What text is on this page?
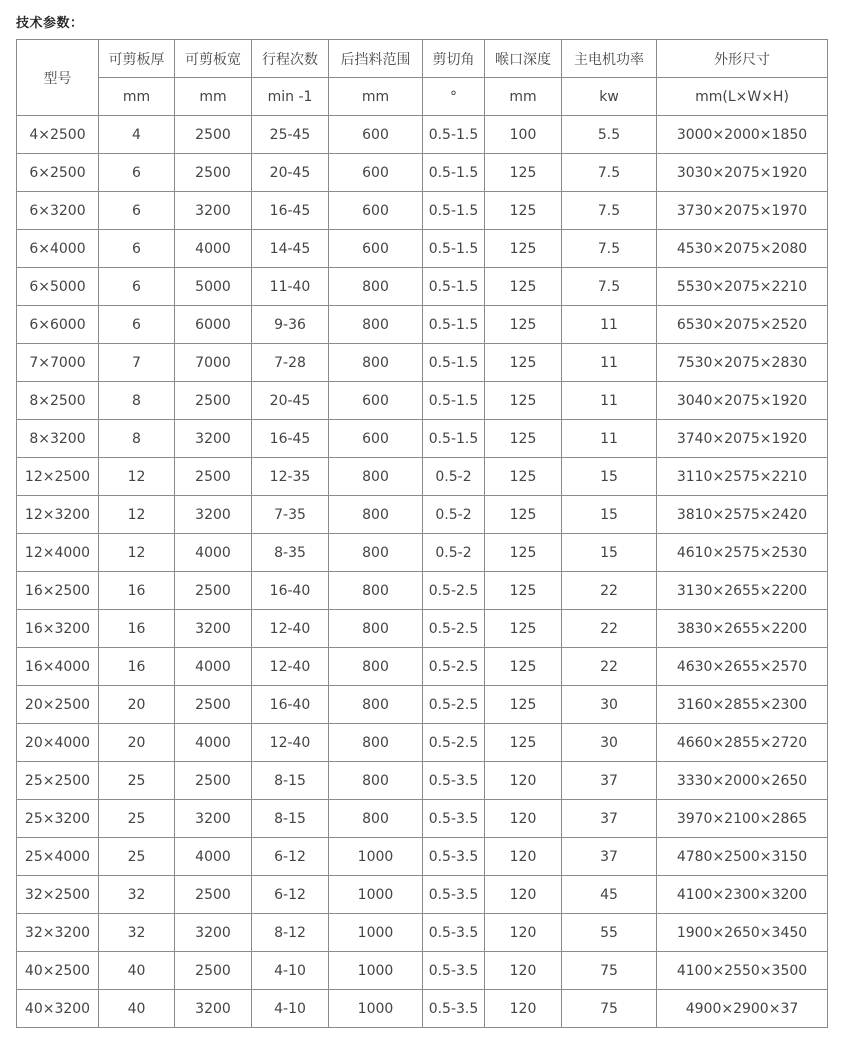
技术参数：
型号	可剪板厚	可剪板宽	行程次数	后挡料范围	剪切角	喉口深度	主电机功率	外形尺寸
	mm	mm	min -1	mm	°	mm	kw	mm(L×W×H)
4×2500	4	2500	25-45	600	0.5-1.5	100	5.5	3000×2000×1850
6×2500	6	2500	20-45	600	0.5-1.5	125	7.5	3030×2075×1920
6×3200	6	3200	16-45	600	0.5-1.5	125	7.5	3730×2075×1970
6×4000	6	4000	14-45	600	0.5-1.5	125	7.5	4530×2075×2080
6×5000	6	5000	11-40	800	0.5-1.5	125	7.5	5530×2075×2210
6×6000	6	6000	9-36	800	0.5-1.5	125	11	6530×2075×2520
7×7000	7	7000	7-28	800	0.5-1.5	125	11	7530×2075×2830
8×2500	8	2500	20-45	600	0.5-1.5	125	11	3040×2075×1920
8×3200	8	3200	16-45	600	0.5-1.5	125	11	3740×2075×1920
12×2500	12	2500	12-35	800	0.5-2	125	15	3110×2575×2210
12×3200	12	3200	7-35	800	0.5-2	125	15	3810×2575×2420
12×4000	12	4000	8-35	800	0.5-2	125	15	4610×2575×2530
16×2500	16	2500	16-40	800	0.5-2.5	125	22	3130×2655×2200
16×3200	16	3200	12-40	800	0.5-2.5	125	22	3830×2655×2200
16×4000	16	4000	12-40	800	0.5-2.5	125	22	4630×2655×2570
20×2500	20	2500	16-40	800	0.5-2.5	125	30	3160×2855×2300
20×4000	20	4000	12-40	800	0.5-2.5	125	30	4660×2855×2720
25×2500	25	2500	8-15	800	0.5-3.5	120	37	3330×2000×2650
25×3200	25	3200	8-15	800	0.5-3.5	120	37	3970×2100×2865
25×4000	25	4000	6-12	1000	0.5-3.5	120	37	4780×2500×3150
32×2500	32	2500	6-12	1000	0.5-3.5	120	45	4100×2300×3200
32×3200	32	3200	8-12	1000	0.5-3.5	120	55	1900×2650×3450
40×2500	40	2500	4-10	1000	0.5-3.5	120	75	4100×2550×3500
40×3200	40	3200	4-10	1000	0.5-3.5	120	75	4900×2900×37
